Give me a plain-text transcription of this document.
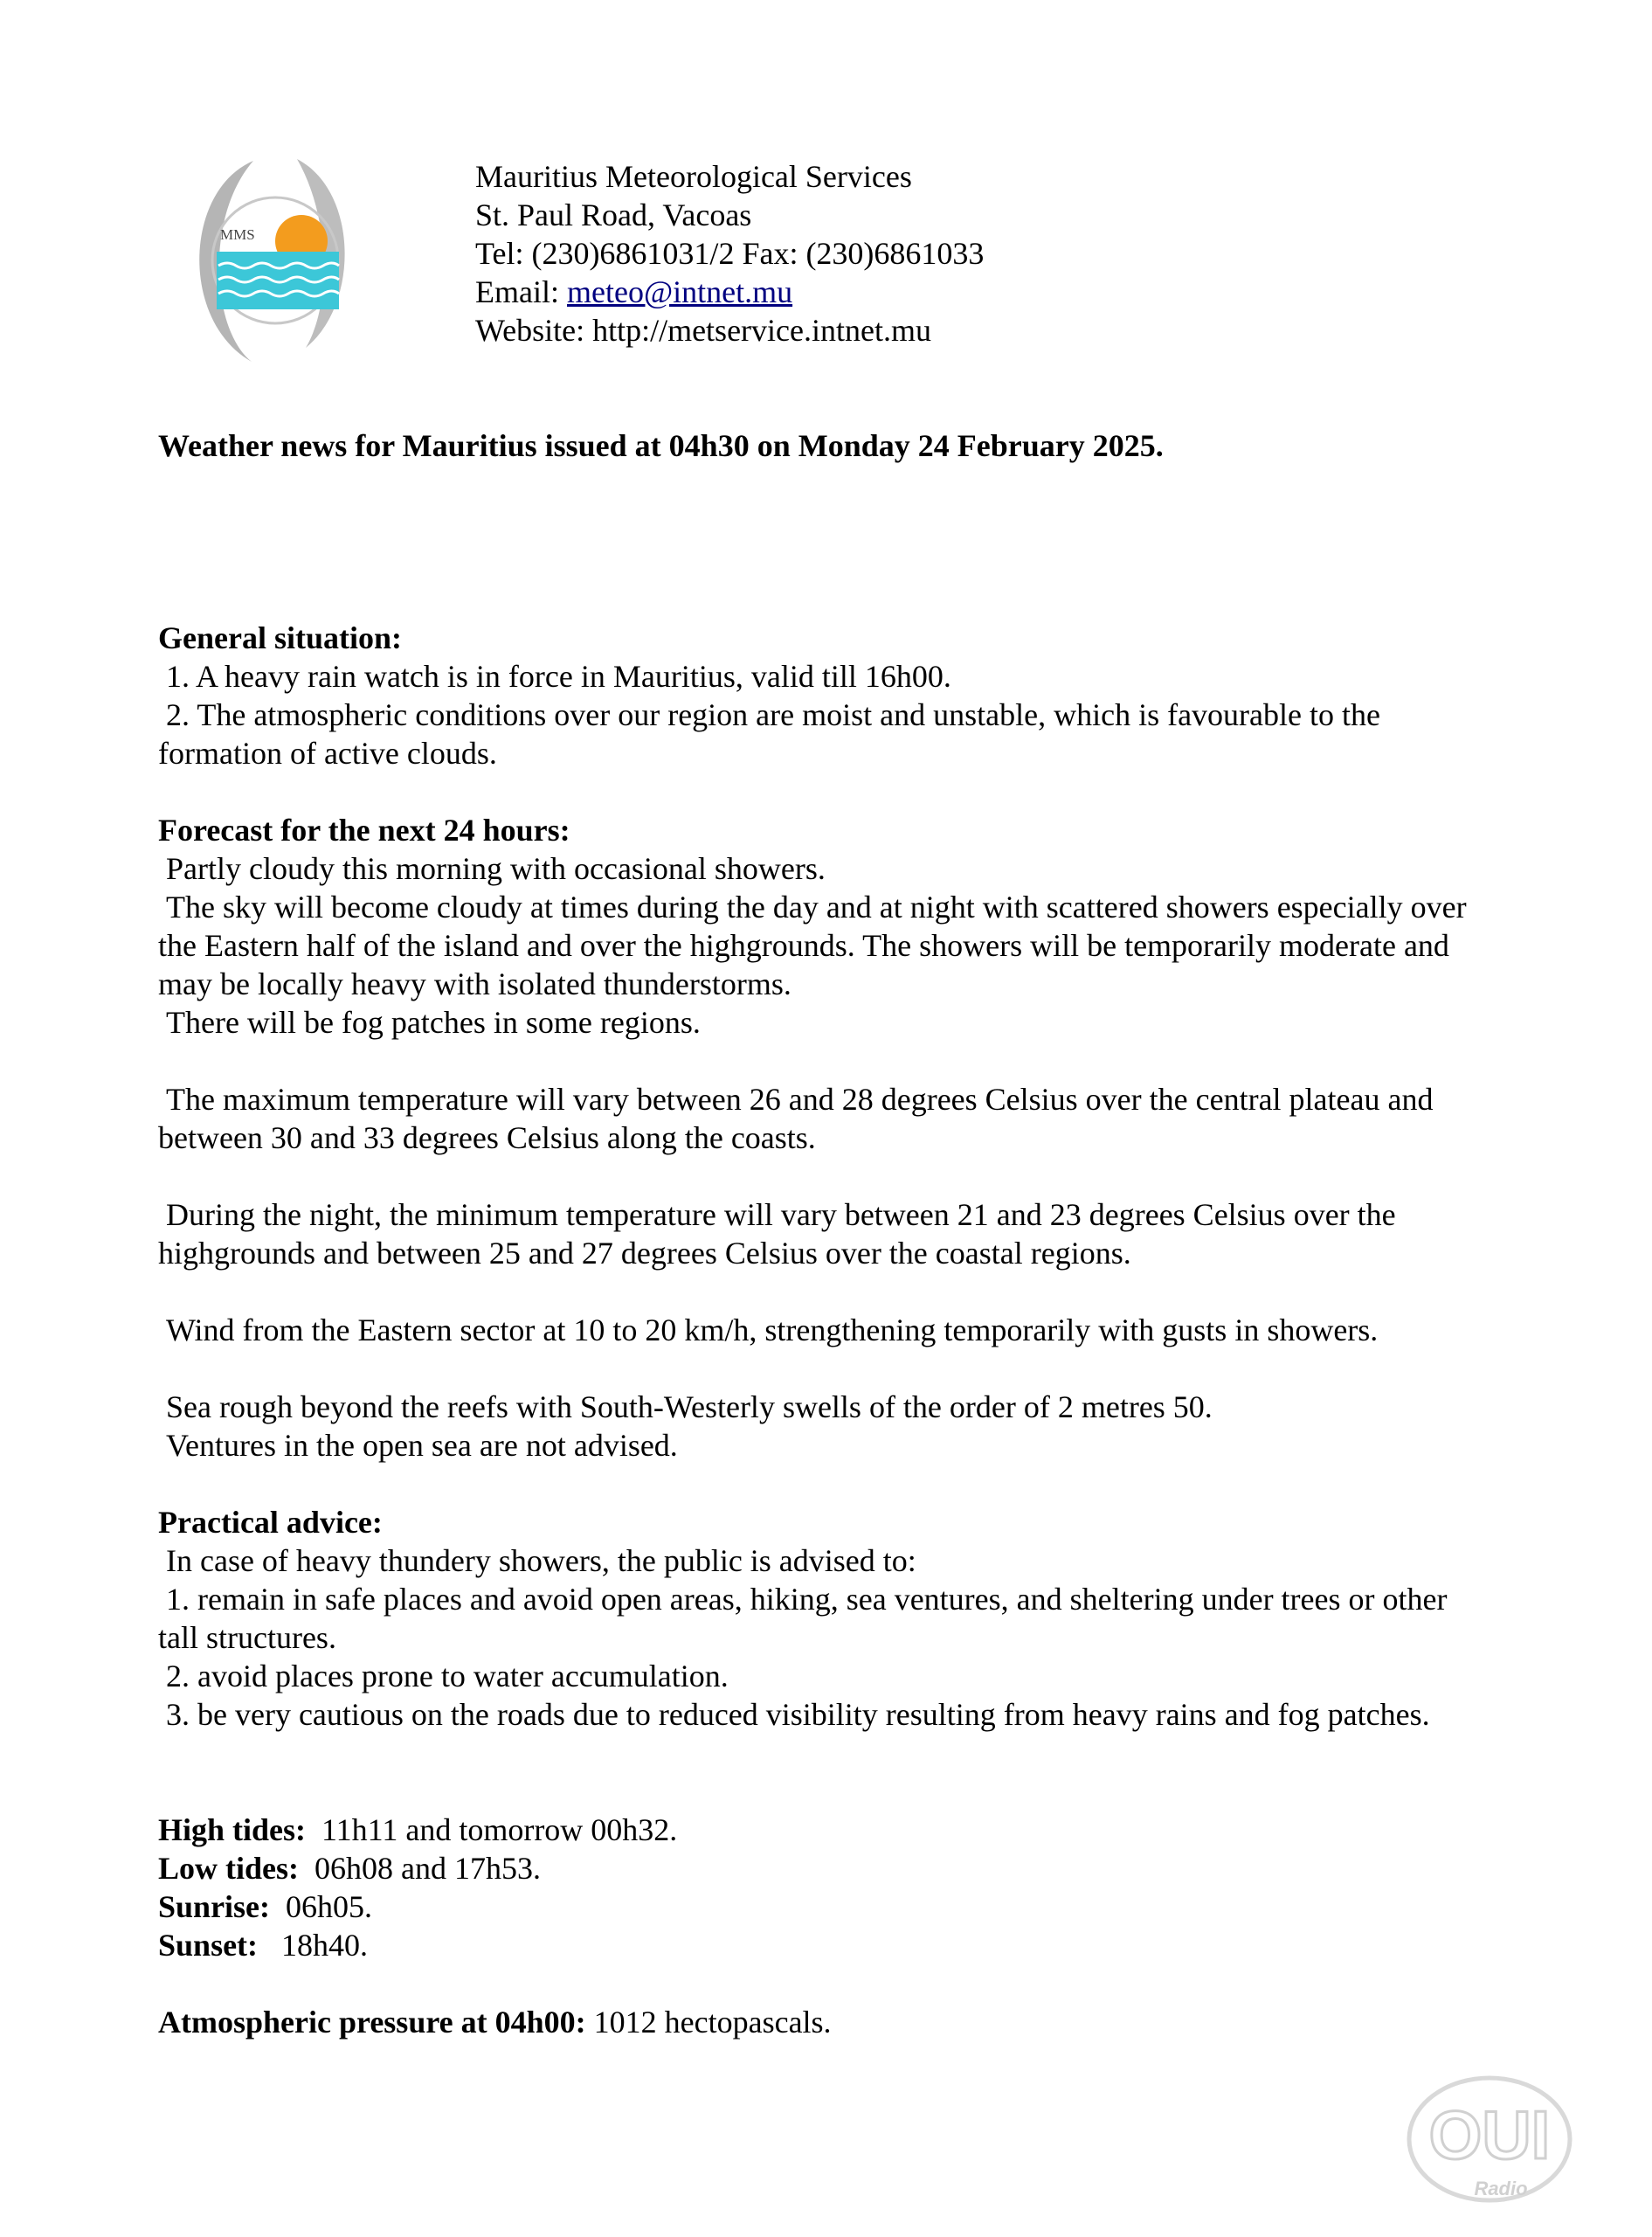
MMS
Mauritius Meteorological Services
St. Paul Road, Vacoas
Tel: (230)6861031/2 Fax: (230)6861033
Email: meteo@intnet.mu
Website: http://metservice.intnet.mu

Weather news for Mauritius issued at 04h30 on Monday 24 February 2025.

General situation:

1. A heavy rain watch is in force in Mauritius, valid till 16h00.

2. The atmospheric conditions over our region are moist and unstable, which is favourable to the formation of active clouds.

Forecast for the next 24 hours:

Partly cloudy this morning with occasional showers.

The sky will become cloudy at times during the day and at night with scattered showers especially over the Eastern half of the island and over the highgrounds. The showers will be temporarily moderate and may be locally heavy with isolated thunderstorms.

There will be fog patches in some regions.

The maximum temperature will vary between 26 and 28 degrees Celsius over the central plateau and between 30 and 33 degrees Celsius along the coasts.

During the night, the minimum temperature will vary between 21 and 23 degrees Celsius over the highgrounds and between 25 and 27 degrees Celsius over the coastal regions.

Wind from the Eastern sector at 10 to 20 km/h, strengthening temporarily with gusts in showers.

Sea rough beyond the reefs with South-Westerly swells of the order of 2 metres 50.

Ventures in the open sea are not advised.

Practical advice:

In case of heavy thundery showers, the public is advised to:

1. remain in safe places and avoid open areas, hiking, sea ventures, and sheltering under trees or other tall structures.

2. avoid places prone to water accumulation.

3. be very cautious on the roads due to reduced visibility resulting from heavy rains and fog patches.

High tides:  11h11 and tomorrow 00h32.

Low tides:  06h08 and 17h53.

Sunrise:  06h05.

Sunset:   18h40.

Atmospheric pressure at 04h00: 1012 hectopascals.

OUI
Radio
